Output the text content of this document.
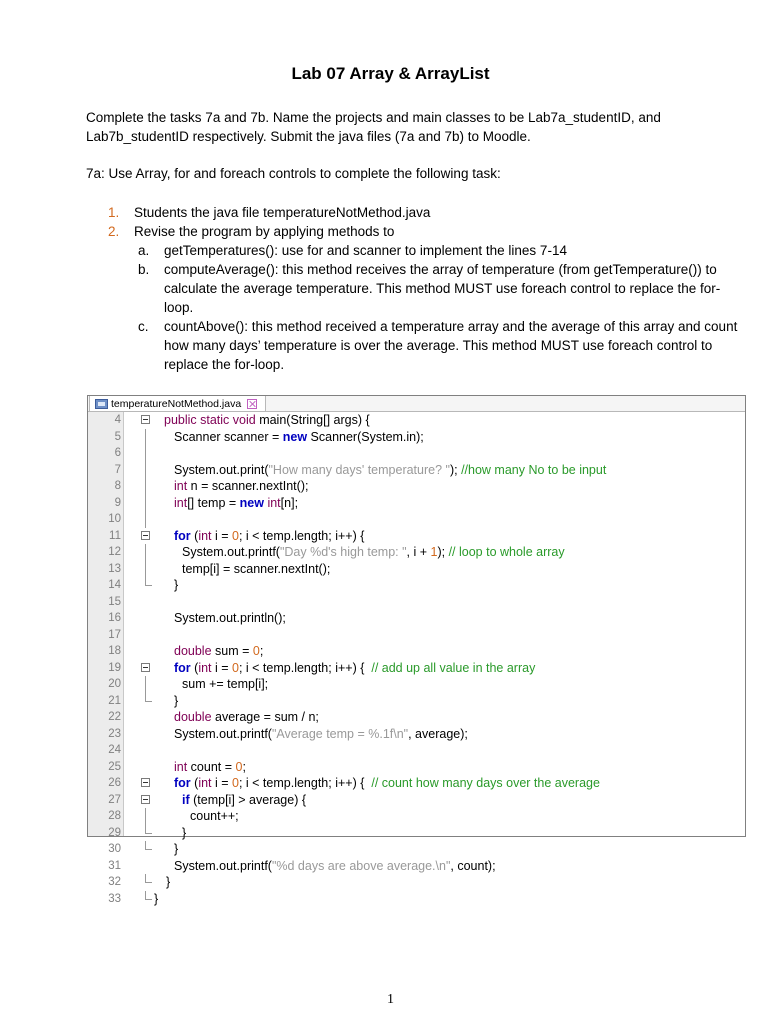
Lab 07 Array & ArrayList
Complete the tasks 7a and 7b. Name the projects and main classes to be Lab7a_studentID, and Lab7b_studentID respectively. Submit the java files (7a and 7b) to Moodle.
7a: Use Array, for and foreach controls to complete the following task:
1. Students the java file temperatureNotMethod.java
2. Revise the program by applying methods to
a. getTemperatures(): use for and scanner to implement the lines 7-14
b. computeAverage(): this method receives the array of temperature (from getTemperature()) to calculate the average temperature. This method MUST use foreach control to replace the for-loop.
c. countAbove(): this method received a temperature array and the average of this array and count how many days’ temperature is over the average. This method MUST use foreach control to replace the for-loop.
temperatureNotMethod.java
4	public static void main(String[] args) {
5	Scanner scanner = new Scanner(System.in);
6
7	System.out.print("How many days' temperature? "); //how many No to be input
8	int n = scanner.nextInt();
9	int[] temp = new int[n];
10
11	for (int i = 0; i < temp.length; i++) {
12	System.out.printf("Day %d's high temp: ", i + 1); // loop to whole array
13	temp[i] = scanner.nextInt();
14	}
15
16	System.out.println();
17
18	double sum = 0;
19	for (int i = 0; i < temp.length; i++) {  // add up all value in the array
20	sum += temp[i];
21	}
22	double average = sum / n;
23	System.out.printf("Average temp = %.1f\n", average);
24
25	int count = 0;
26	for (int i = 0; i < temp.length; i++) {  // count how many days over the average
27	if (temp[i] > average) {
28	count++;
29	}
30	}
31	System.out.printf("%d days are above average.\n", count);
32	}
33	}
1
